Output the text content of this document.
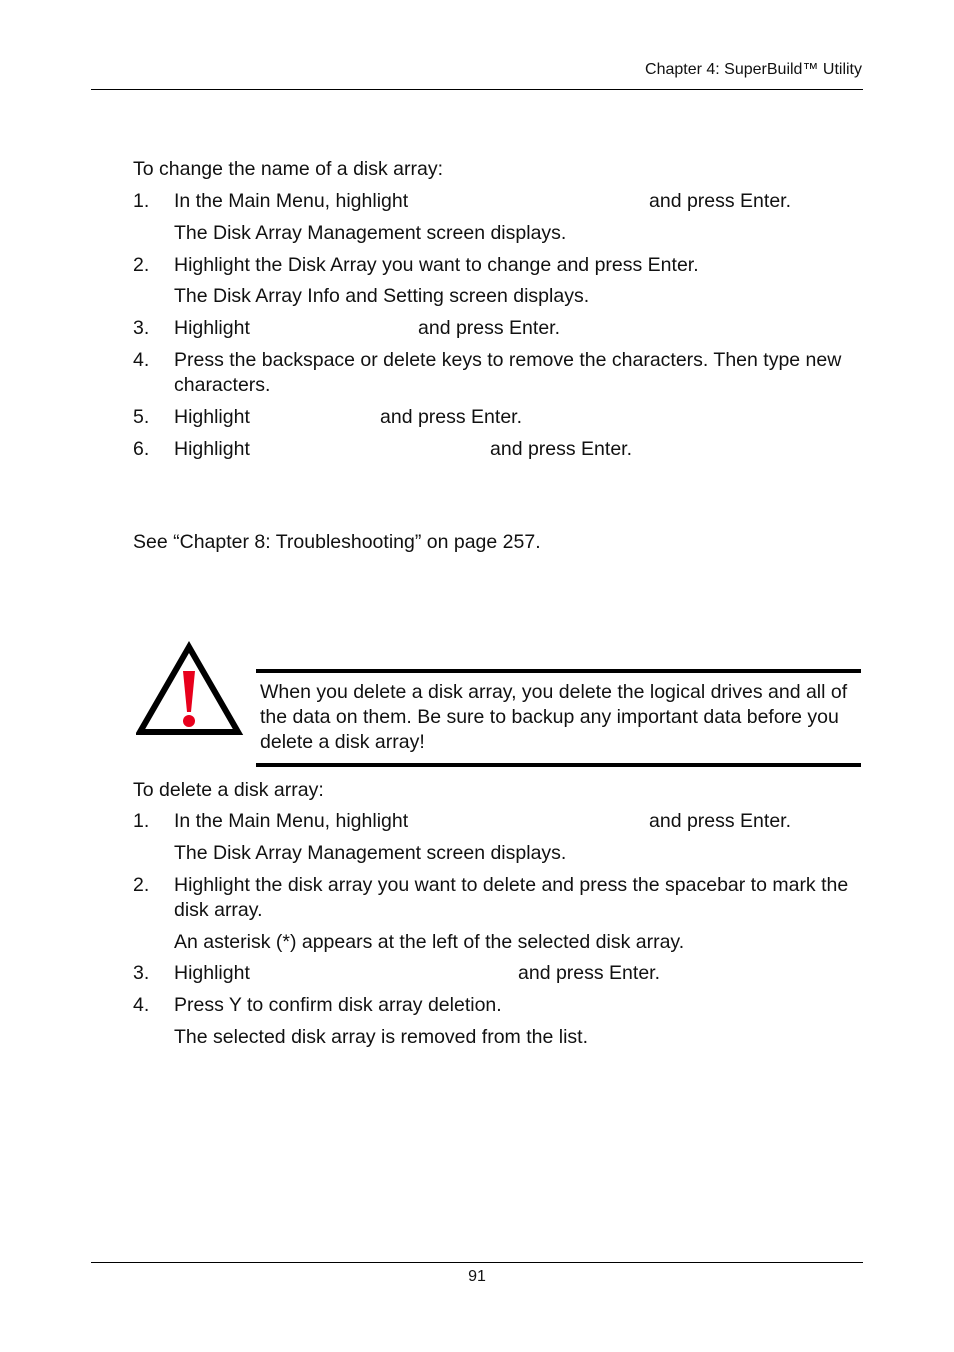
Chapter 4: SuperBuild™ Utility
To change the name of a disk array:
1. In the Main Menu, highlight	and press Enter.
The Disk Array Management screen displays.
2. Highlight the Disk Array you want to change and press Enter.
The Disk Array Info and Setting screen displays.
3. Highlight	and press Enter.
4. Press the backspace or delete keys to remove the characters. Then type new characters.
5. Highlight	and press Enter.
6. Highlight	and press Enter.
See “Chapter 8: Troubleshooting” on page 257.
When you delete a disk array, you delete the logical drives and all of the data on them. Be sure to backup any important data before you delete a disk array!
To delete a disk array:
1. In the Main Menu, highlight	and press Enter.
The Disk Array Management screen displays.
2. Highlight the disk array you want to delete and press the spacebar to mark the disk array.
An asterisk (*) appears at the left of the selected disk array.
3. Highlight	and press Enter.
4. Press Y to confirm disk array deletion.
The selected disk array is removed from the list.
91
